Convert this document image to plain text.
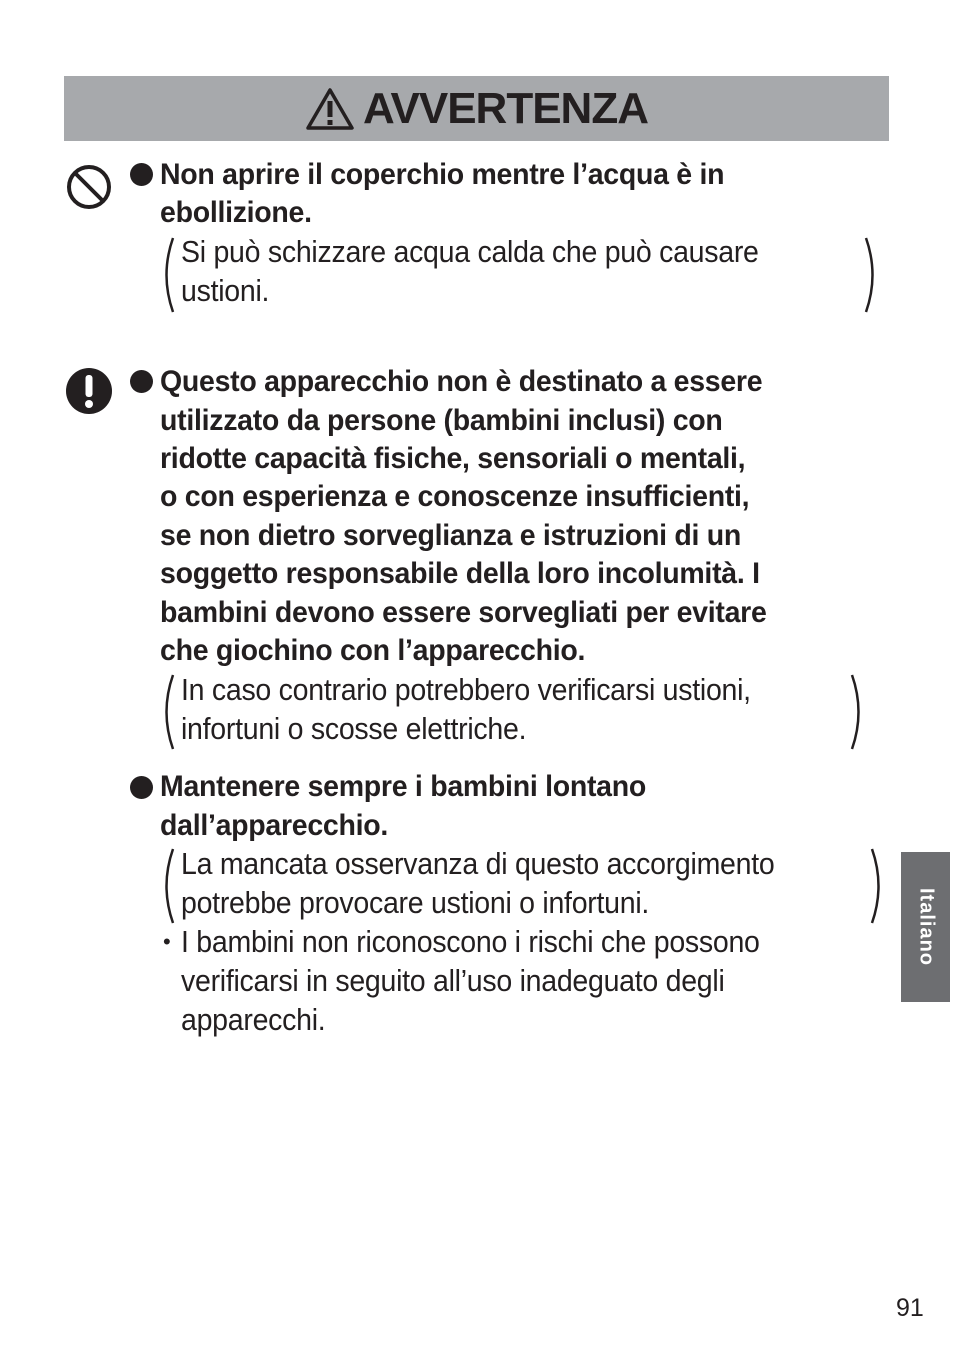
AVVERTENZA
Non aprire il coperchio mentre l’acqua è in
ebollizione.
Si può schizzare acqua calda che può causare
ustioni.
Questo apparecchio non è destinato a essere
utilizzato da persone (bambini inclusi) con
ridotte capacità fisiche, sensoriali o mentali,
o con esperienza e conoscenze insufficienti,
se non dietro sorveglianza e istruzioni di un
soggetto responsabile della loro incolumità. I
bambini devono essere sorvegliati per evitare
che giochino con l’apparecchio.
In caso contrario potrebbero verificarsi ustioni,
infortuni o scosse elettriche.
Mantenere sempre i bambini lontano
dall’apparecchio.
La mancata osservanza di questo accorgimento
potrebbe provocare ustioni o infortuni.
• I bambini non riconoscono i rischi che possono
verificarsi in seguito all’uso inadeguato degli
apparecchi.
Italiano
91
